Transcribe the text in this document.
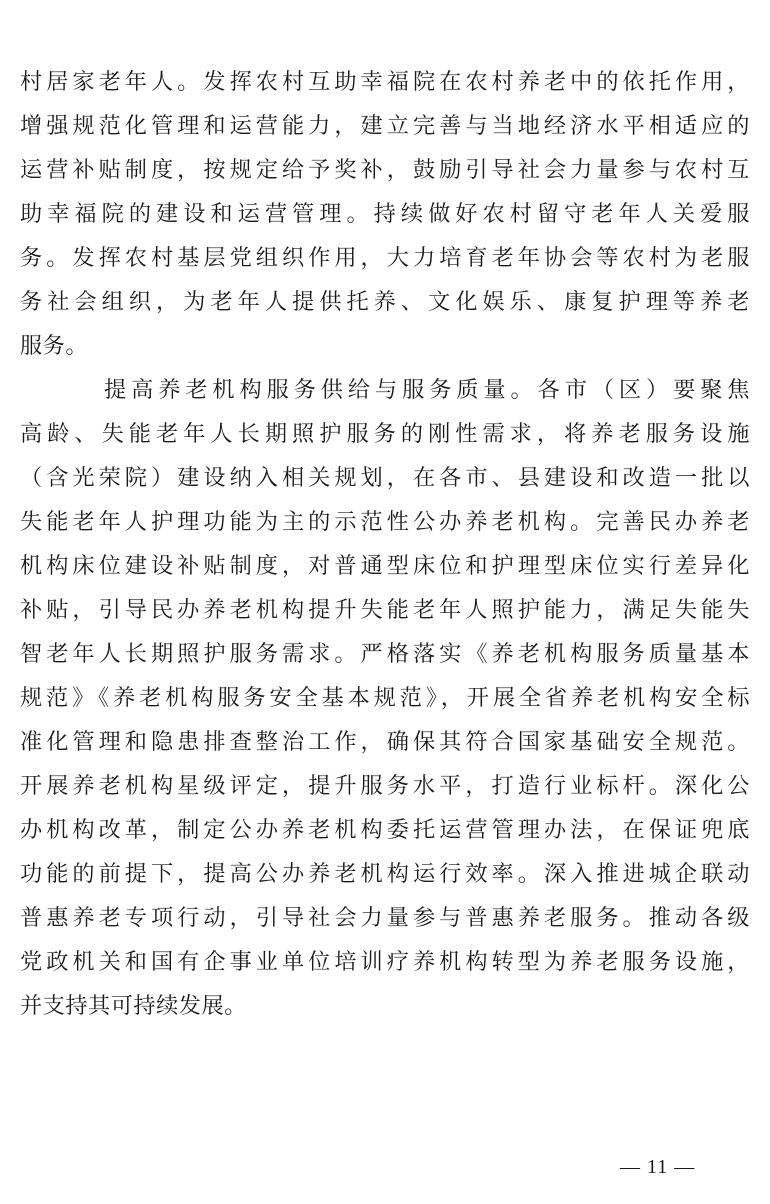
村居家老年人。发挥农村互助幸福院在农村养老中的依托作用，
增强规范化管理和运营能力，建立完善与当地经济水平相适应的
运营补贴制度，按规定给予奖补，鼓励引导社会力量参与农村互
助幸福院的建设和运营管理。持续做好农村留守老年人关爱服
务。发挥农村基层党组织作用，大力培育老年协会等农村为老服
务社会组织，为老年人提供托养、文化娱乐、康复护理等养老
服务。
提高养老机构服务供给与服务质量。各市（区）要聚焦
高龄、失能老年人长期照护服务的刚性需求，将养老服务设施
（含光荣院）建设纳入相关规划，在各市、县建设和改造一批以
失能老年人护理功能为主的示范性公办养老机构。完善民办养老
机构床位建设补贴制度，对普通型床位和护理型床位实行差异化
补贴，引导民办养老机构提升失能老年人照护能力，满足失能失
智老年人长期照护服务需求。严格落实《养老机构服务质量基本
规范》《养老机构服务安全基本规范》，开展全省养老机构安全标
准化管理和隐患排查整治工作，确保其符合国家基础安全规范。
开展养老机构星级评定，提升服务水平，打造行业标杆。深化公
办机构改革，制定公办养老机构委托运营管理办法，在保证兜底
功能的前提下，提高公办养老机构运行效率。深入推进城企联动
普惠养老专项行动，引导社会力量参与普惠养老服务。推动各级
党政机关和国有企事业单位培训疗养机构转型为养老服务设施，
并支持其可持续发展。
— 11 —
